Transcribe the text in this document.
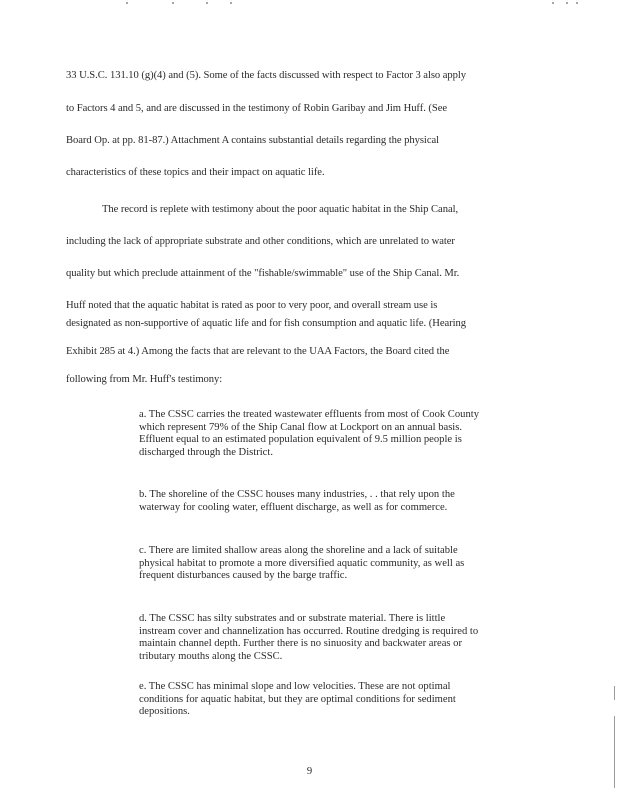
33 U.S.C. 131.10 (g)(4) and (5). Some of the facts discussed with respect to Factor 3 also apply
to Factors 4 and 5, and are discussed in the testimony of Robin Garibay and Jim Huff. (See
Board Op. at pp. 81-87.) Attachment A contains substantial details regarding the physical
characteristics of these topics and their impact on aquatic life.
The record is replete with testimony about the poor aquatic habitat in the Ship Canal,
including the lack of appropriate substrate and other conditions, which are unrelated to water
quality but which preclude attainment of the "fishable/swimmable" use of the Ship Canal. Mr.
Huff noted that the aquatic habitat is rated as poor to very poor, and overall stream use is
designated as non-supportive of aquatic life and for fish consumption and aquatic life. (Hearing
Exhibit 285 at 4.) Among the facts that are relevant to the UAA Factors, the Board cited the
following from Mr. Huff's testimony:

a. The CSSC carries the treated wastewater effluents from most of Cook County which represent 79% of the Ship Canal flow at Lockport on an annual basis. Effluent equal to an estimated population equivalent of 9.5 million people is discharged through the District.

b. The shoreline of the CSSC houses many industries, . . that rely upon the waterway for cooling water, effluent discharge, as well as for commerce.

c. There are limited shallow areas along the shoreline and a lack of suitable physical habitat to promote a more diversified aquatic community, as well as frequent disturbances caused by the barge traffic.

d. The CSSC has silty substrates and or substrate material. There is little instream cover and channelization has occurred. Routine dredging is required to maintain channel depth. Further there is no sinuosity and backwater areas or tributary mouths along the CSSC.

e. The CSSC has minimal slope and low velocities. These are not optimal conditions for aquatic habitat, but they are optimal conditions for sediment depositions.

9
